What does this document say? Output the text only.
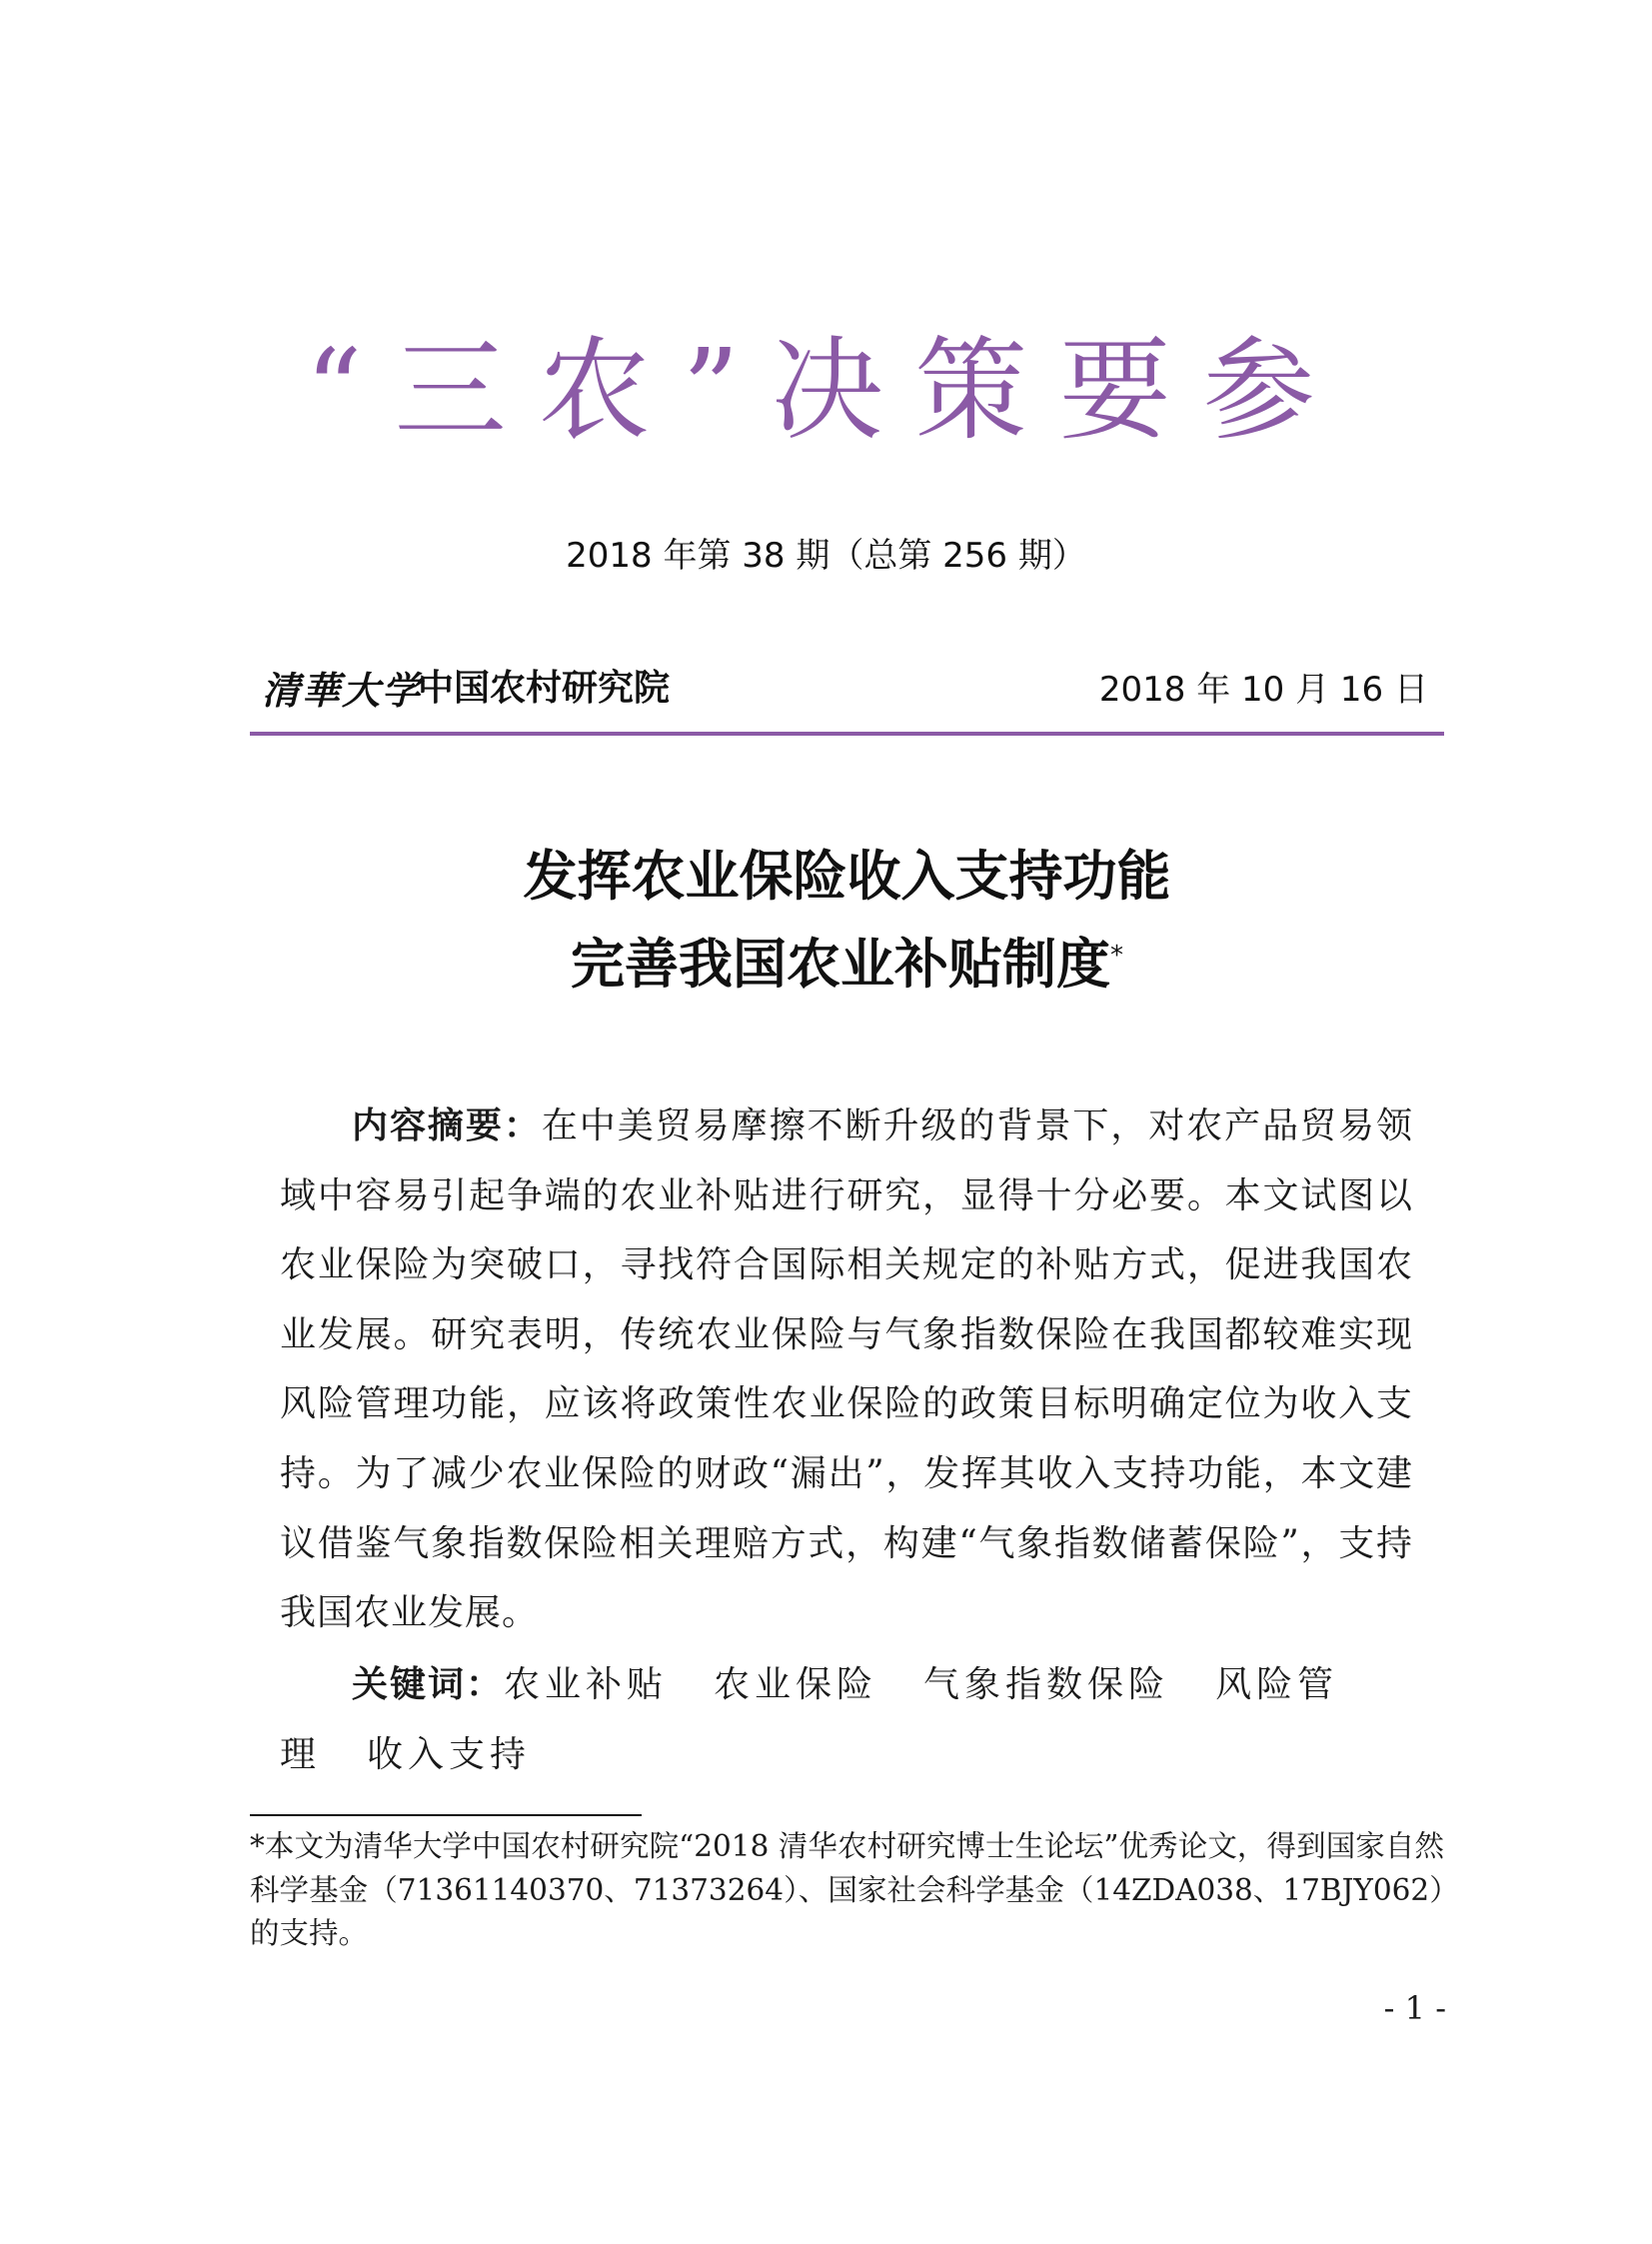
“三农”决策要参
2018 年第 38 期（总第 256 期）
清華大学
中国农村研究院	2018 年 10 月 16 日
发挥农业保险收入支持功能
完善我国农业补贴制度*
内容摘要：在中美贸易摩擦不断升级的背景下，对农产品贸易领域中容易引起争端的农业补贴进行研究，显得十分必要。本文试图以农业保险为突破口，寻找符合国际相关规定的补贴方式，促进我国农业发展。研究表明，传统农业保险与气象指数保险在我国都较难实现风险管理功能，应该将政策性农业保险的政策目标明确定位为收入支持。为了减少农业保险的财政“漏出”，发挥其收入支持功能，本文建议借鉴气象指数保险相关理赔方式，构建“气象指数储蓄保险”，支持我国农业发展。
关键词：农业补贴 农业保险 气象指数保险 风险管理 收入支持
*本文为清华大学中国农村研究院“2018 清华农村研究博士生论坛”优秀论文，得到国家自然科学基金（71361140370、71373264）、国家社会科学基金（14ZDA038、17BJY062）的支持。
- 1 -
